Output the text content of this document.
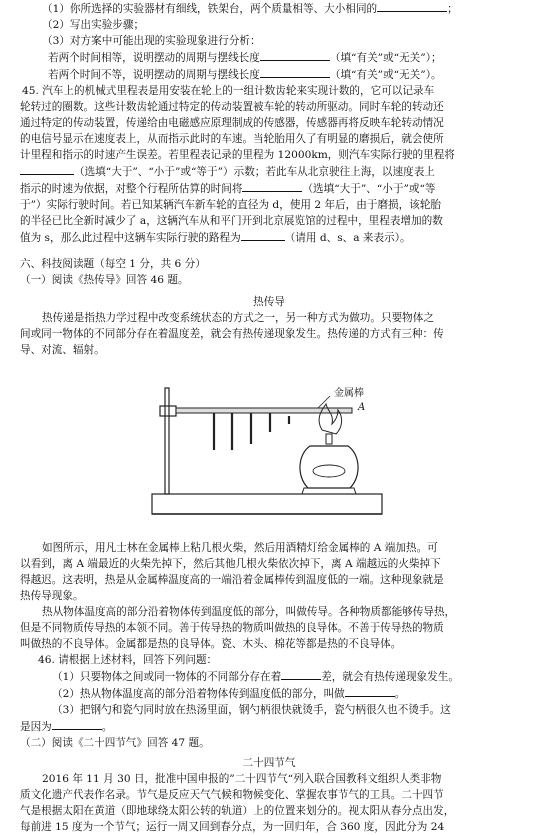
（1）你所选择的实验器材有细线，铁架台，两个质量相等、大小相同的	；
（2）写出实验步骤；
（3）对方案中可能出现的实验现象进行分析：
若两个时间相等，说明摆动的周期与摆线长度	（填“有关”或“无关”）；
若两个时间不等，说明摆动的周期与摆线长度	（填“有关”或“无关”）。
45. 汽车上的机械式里程表是用安装在轮上的一组计数齿轮来实现计数的，它可以记录车
轮转过的圈数。这些计数齿轮通过特定的传动装置被车轮的转动所驱动。同时车轮的转动还
通过特定的传动装置，传递给由电磁感应原理制成的传感器，传感器再将反映车轮转动情况
的电信号显示在速度表上，从而指示此时的车速。当轮胎用久了有明显的磨损后，就会使所
计里程和指示的时速产生误差。若里程表记录的里程为 12000km，则汽车实际行驶的里程将
（选填“大于”、“小于”或“等于”）示数；若此车从北京驶往上海，以速度表上
指示的时速为依据，对整个行程所估算的时间将	（选填“大于”、“小于”或“等
于”）实际行驶时间。若已知某辆汽车新车轮的直径为 d，使用 2 年后，由于磨损，该轮胎
的半径已比全新时减少了 a，这辆汽车从和平门开到北京展览馆的过程中，里程表增加的数
值为 s，那么此过程中这辆车实际行驶的路程为	（请用 d、s、a 来表示）。
六、科技阅读题（每空 1 分，共 6 分）
（一）阅读《热传导》回答 46 题。
热传导
热传递是指热力学过程中改变系统状态的方式之一，另一种方式为做功。只要物体之
间或同一物体的不同部分存在着温度差，就会有热传递现象发生。热传递的方式有三种：传
导、对流、辐射。
金属棒
A
如图所示，用凡士林在金属棒上粘几根火柴，然后用酒精灯给金属棒的 A 端加热。可
以看到，离 A 端最近的火柴先掉下，然后其他几根火柴依次掉下，离 A 端越远的火柴掉下
得越迟。这表明，热是从金属棒温度高的一端沿着金属棒传到温度低的一端。这种现象就是
热传导现象。
热从物体温度高的部分沿着物体传到温度低的部分，叫做传导。各种物质都能够传导热，
但是不同物质传导热的本领不同。善于传导热的物质叫做热的良导体。不善于传导热的物质
叫做热的不良导体。金属都是热的良导体。瓷、木头、棉花等都是热的不良导体。
46. 请根据上述材料，回答下列问题：
（1）只要物体之间或同一物体的不同部分存在着	差，就会有热传递现象发生。
（2）热从物体温度高的部分沿着物体传到温度低的部分，叫做	。
（3）把钢勺和瓷勺同时放在热汤里面，钢勺柄很快就烫手，瓷勺柄很久也不烫手。这
是因为	。
（二）阅读《二十四节气》回答 47 题。
二十四节气
2016 年 11 月 30 日，批准中国申报的”二十四节气“列入联合国教科文组织人类非物
质文化遗产代表作名录。节气是反应天气气候和物候变化、掌握农事节气的工具。二十四节
气是根据太阳在黄道（即地球绕太阳公转的轨道）上的位置来划分的。视太阳从春分点出发，
每前进 15 度为一个节气；运行一周又回到春分点，为一回归年，合 360 度，因此分为 24
